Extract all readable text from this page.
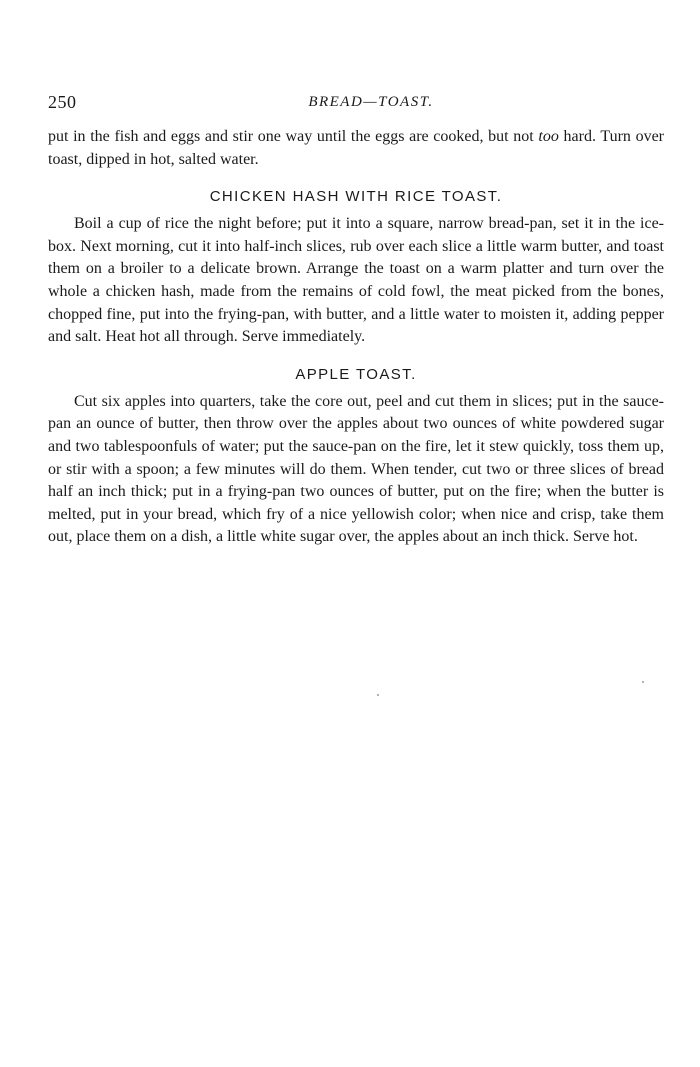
250	BREAD—TOAST.

put in the fish and eggs and stir one way until the eggs are cooked, but not too hard. Turn over toast, dipped in hot, salted water.

CHICKEN HASH WITH RICE TOAST.

Boil a cup of rice the night before; put it into a square, narrow bread-pan, set it in the ice-box. Next morning, cut it into half-inch slices, rub over each slice a little warm butter, and toast them on a broiler to a delicate brown. Arrange the toast on a warm platter and turn over the whole a chicken hash, made from the remains of cold fowl, the meat picked from the bones, chopped fine, put into the frying-pan, with butter, and a little water to moisten it, adding pepper and salt. Heat hot all through. Serve immediately.

APPLE TOAST.

Cut six apples into quarters, take the core out, peel and cut them in slices; put in the sauce-pan an ounce of butter, then throw over the apples about two ounces of white powdered sugar and two tablespoonfuls of water; put the sauce-pan on the fire, let it stew quickly, toss them up, or stir with a spoon; a few minutes will do them. When tender, cut two or three slices of bread half an inch thick; put in a frying-pan two ounces of butter, put on the fire; when the butter is melted, put in your bread, which fry of a nice yellowish color; when nice and crisp, take them out, place them on a dish, a little white sugar over, the apples about an inch thick. Serve hot.
